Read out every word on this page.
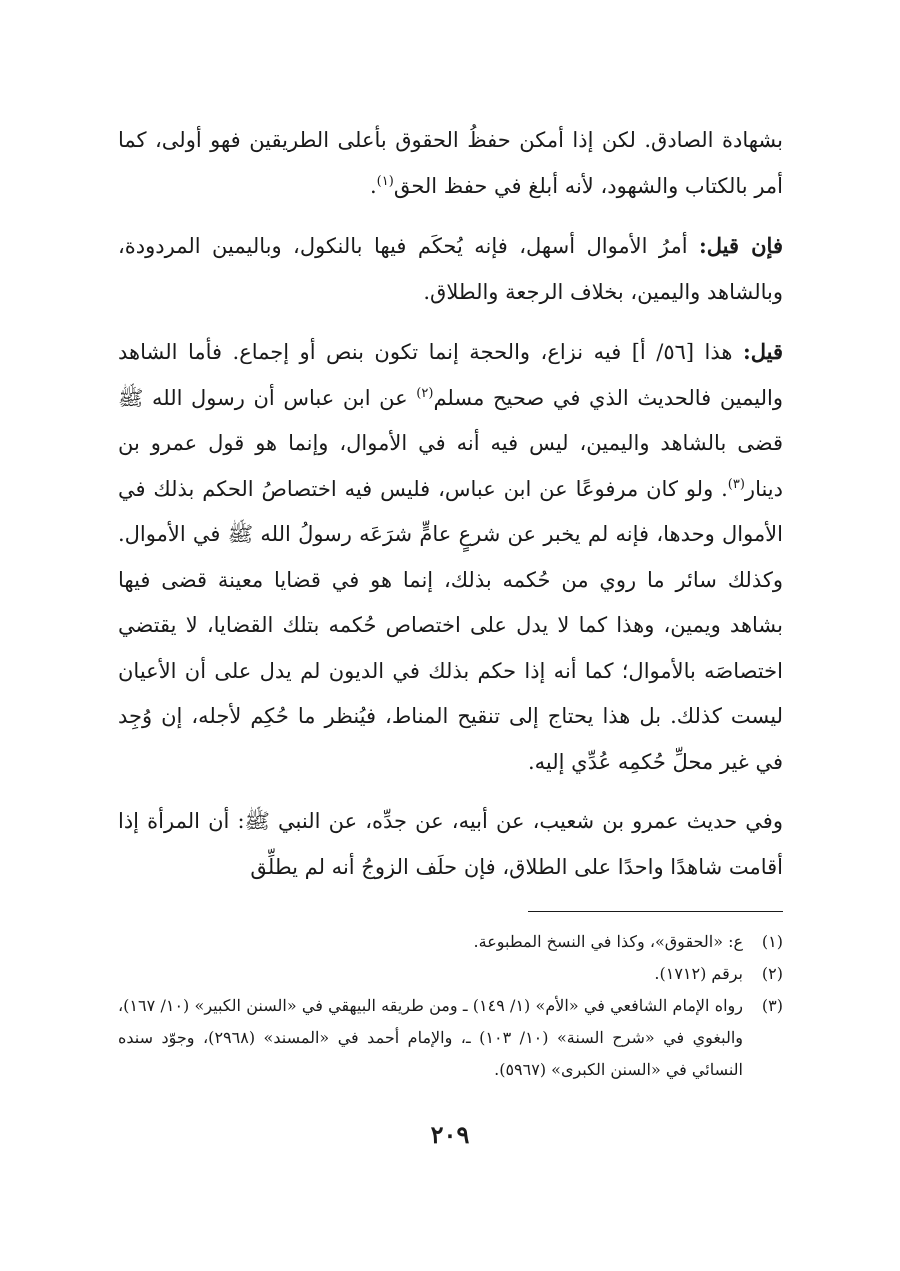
بشهادة الصادق. لكن إذا أمكن حفظُ الحقوق بأعلى الطريقين فهو أولى، كما أمر بالكتاب والشهود، لأنه أبلغ في حفظ الحق$^{(١)}$.

فإن قيل: أمرُ الأموال أسهل، فإنه يُحكَم فيها بالنكول، وباليمين المردودة، وبالشاهد واليمين، بخلاف الرجعة والطلاق.

قيل: هذا [٥٦/ أ] فيه نزاع، والحجة إنما تكون بنص أو إجماع. فأما الشاهد واليمين فالحديث الذي في صحيح مسلم$^{(٢)}$ عن ابن عباس أن رسول الله ﷺ قضى بالشاهد واليمين، ليس فيه أنه في الأموال، وإنما هو قول عمرو بن دينار$^{(٣)}$. ولو كان مرفوعًا عن ابن عباس، فليس فيه اختصاصُ الحكم بذلك في الأموال وحدها، فإنه لم يخبر عن شرعٍ عامٍّ شرَعَه رسولُ الله ﷺ في الأموال. وكذلك سائر ما روي من حُكمه بذلك، إنما هو في قضايا معينة قضى فيها بشاهد ويمين، وهذا كما لا يدل على اختصاص حُكمه بتلك القضايا، لا يقتضي اختصاصَه بالأموال؛ كما أنه إذا حكم بذلك في الديون لم يدل على أن الأعيان ليست كذلك. بل هذا يحتاج إلى تنقيح المناط، فيُنظر ما حُكِم لأجله، إن وُجِد في غير محلِّ حُكمِه عُدِّي إليه.

وفي حديث عمرو بن شعيب، عن أبيه، عن جدِّه، عن النبي ﷺ: أن المرأة إذا أقامت شاهدًا واحدًا على الطلاق، فإن حلَف الزوجُ أنه لم يطلِّق

(١)
ع: «الحقوق»، وكذا في النسخ المطبوعة.
(٢)
برقم (١٧١٢).
(٣)
رواه الإمام الشافعي في «الأم» (١/ ١٤٩) ـ ومن طريقه البيهقي في «السنن الكبير» (١٠/ ١٦٧)، والبغوي في «شرح السنة» (١٠/ ١٠٣) ـ، والإمام أحمد في «المسند» (٢٩٦٨)، وجوّد سنده النسائي في «السنن الكبرى» (٥٩٦٧).
٢٠٩
